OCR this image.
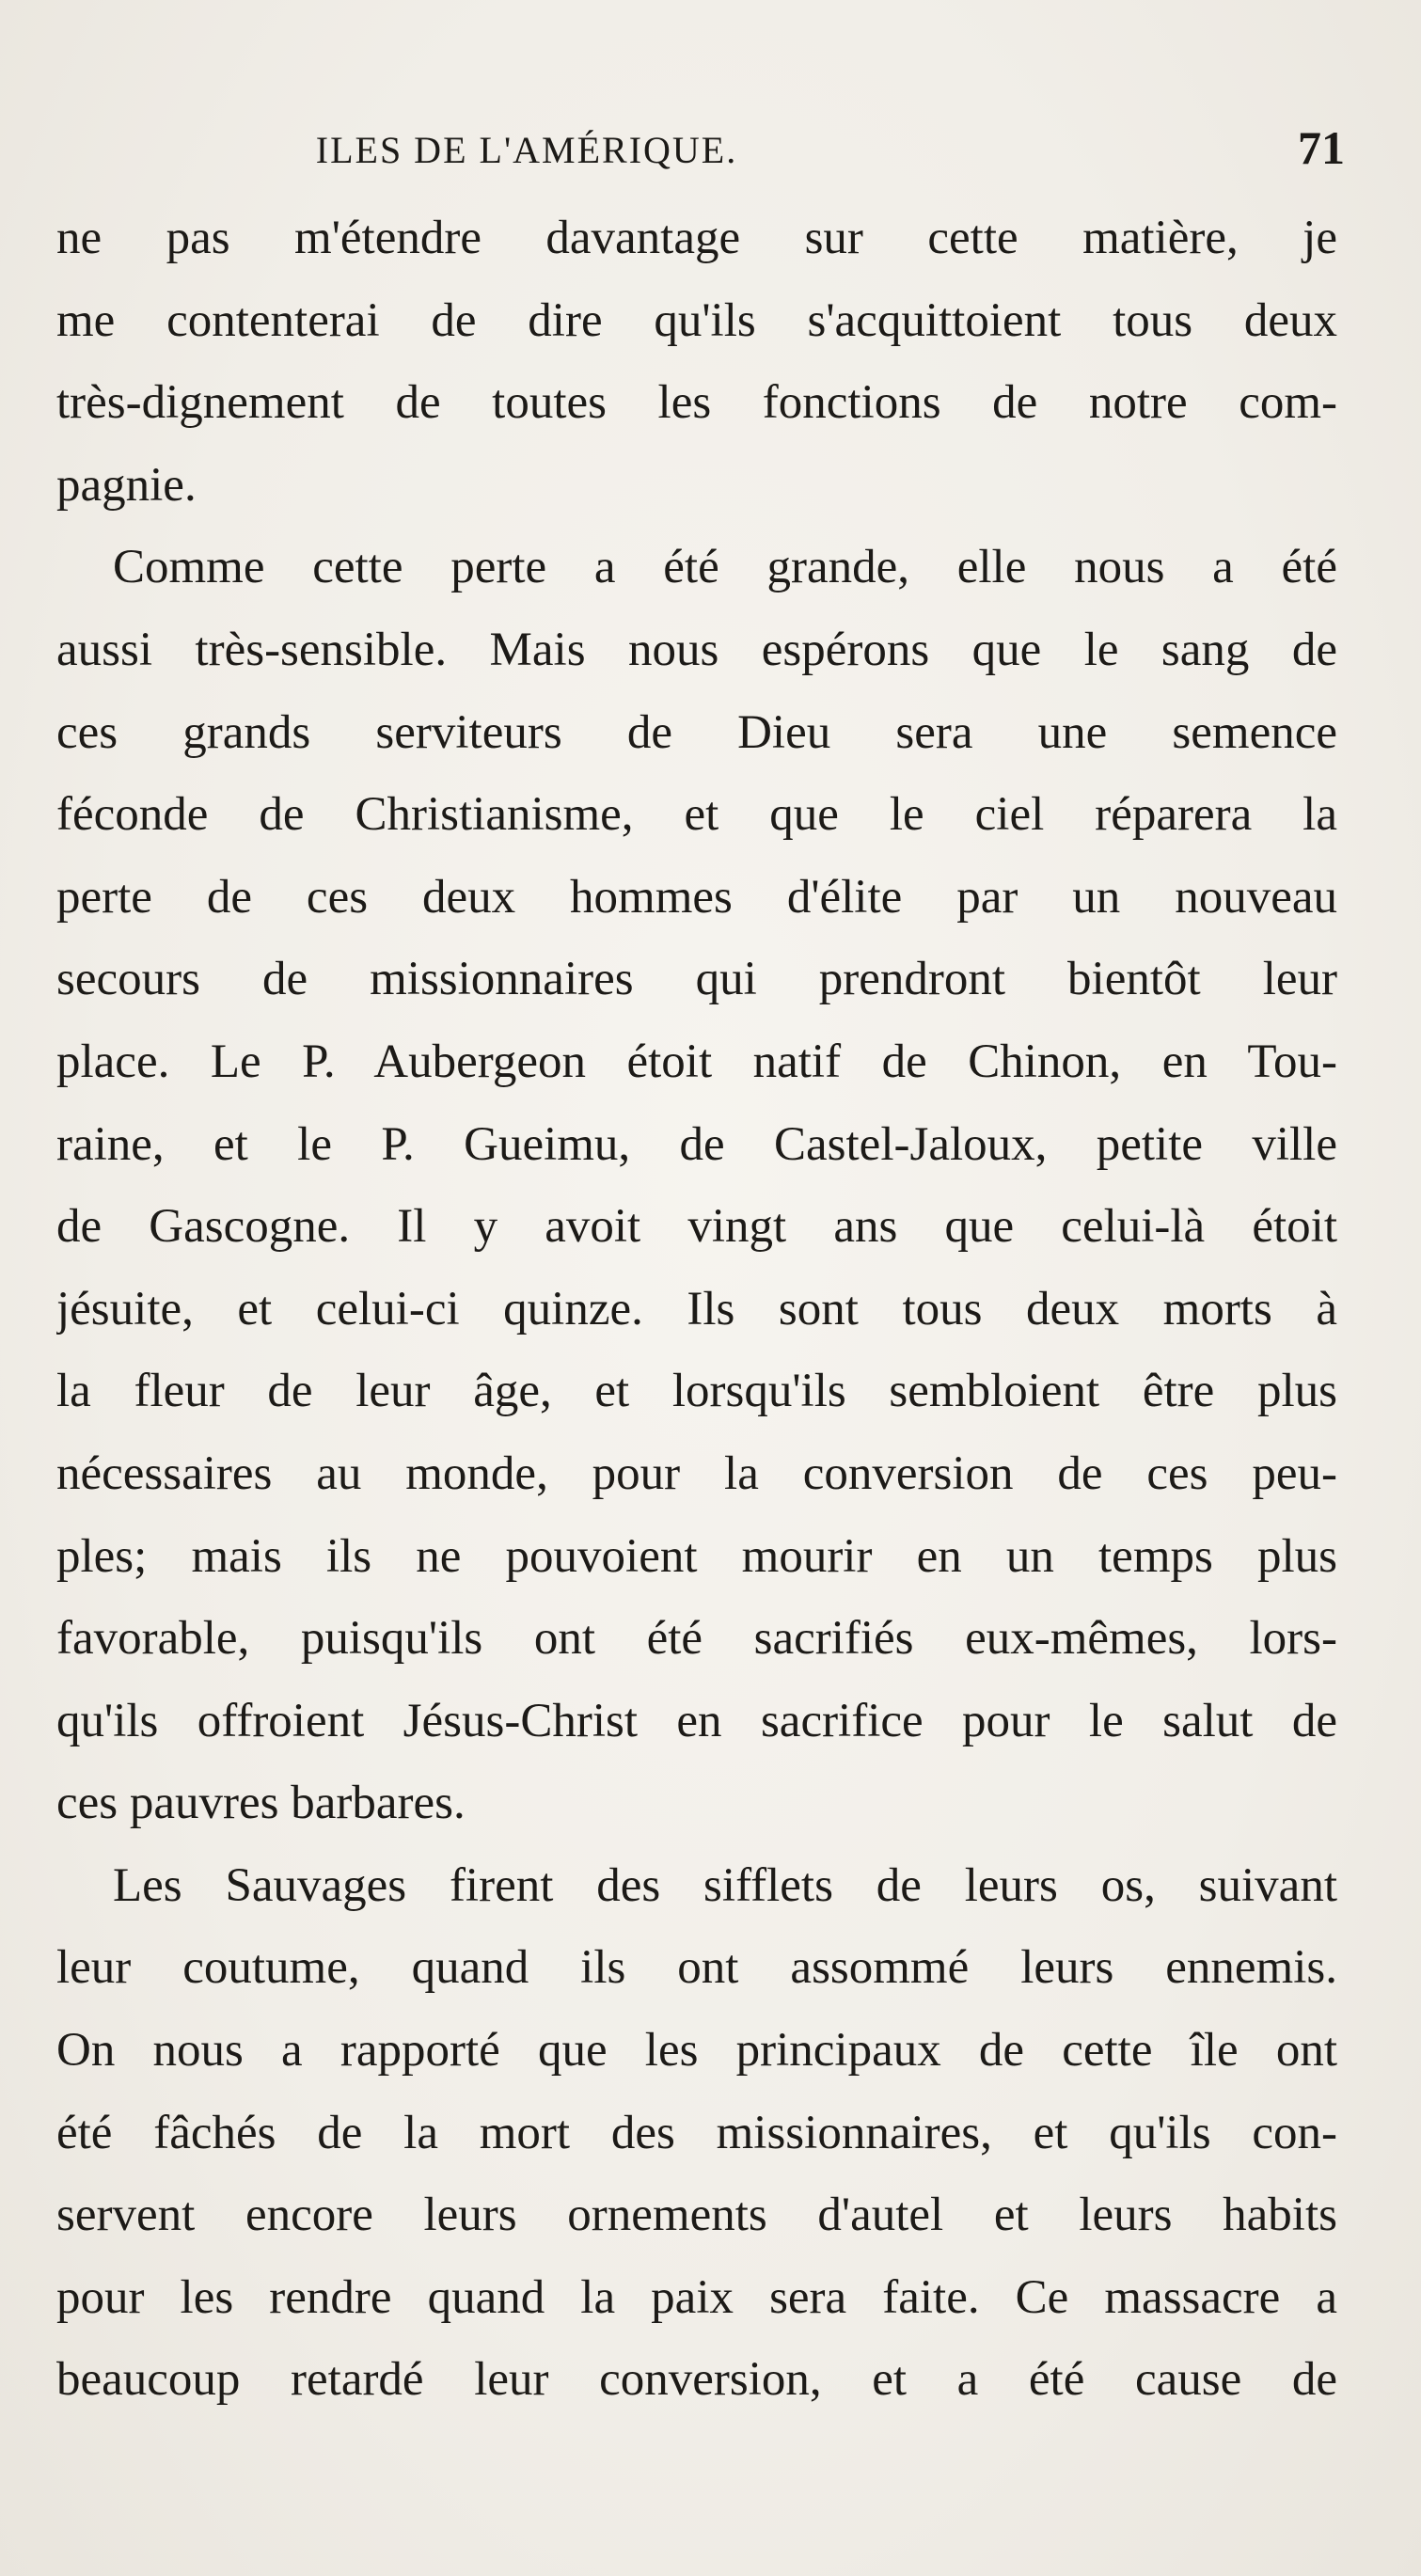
ILES DE L'AMÉRIQUE.	71
ne pas m'étendre davantage sur cette matière, je
me contenterai de dire qu'ils s'acquittoient tous deux
très-dignement de toutes les fonctions de notre com-
pagnie.
Comme cette perte a été grande, elle nous a été
aussi très-sensible. Mais nous espérons que le sang de
ces grands serviteurs de Dieu sera une semence
féconde de Christianisme, et que le ciel réparera la
perte de ces deux hommes d'élite par un nouveau
secours de missionnaires qui prendront bientôt leur
place. Le P. Aubergeon étoit natif de Chinon, en Tou-
raine, et le P. Gueimu, de Castel-Jaloux, petite ville
de Gascogne. Il y avoit vingt ans que celui-là étoit
jésuite, et celui-ci quinze. Ils sont tous deux morts à
la fleur de leur âge, et lorsqu'ils sembloient être plus
nécessaires au monde, pour la conversion de ces peu-
ples; mais ils ne pouvoient mourir en un temps plus
favorable, puisqu'ils ont été sacrifiés eux-mêmes, lors-
qu'ils offroient Jésus-Christ en sacrifice pour le salut de
ces pauvres barbares.
Les Sauvages firent des sifflets de leurs os, suivant
leur coutume, quand ils ont assommé leurs ennemis.
On nous a rapporté que les principaux de cette île ont
été fâchés de la mort des missionnaires, et qu'ils con-
servent encore leurs ornements d'autel et leurs habits
pour les rendre quand la paix sera faite. Ce massacre a
beaucoup retardé leur conversion, et a été cause de
